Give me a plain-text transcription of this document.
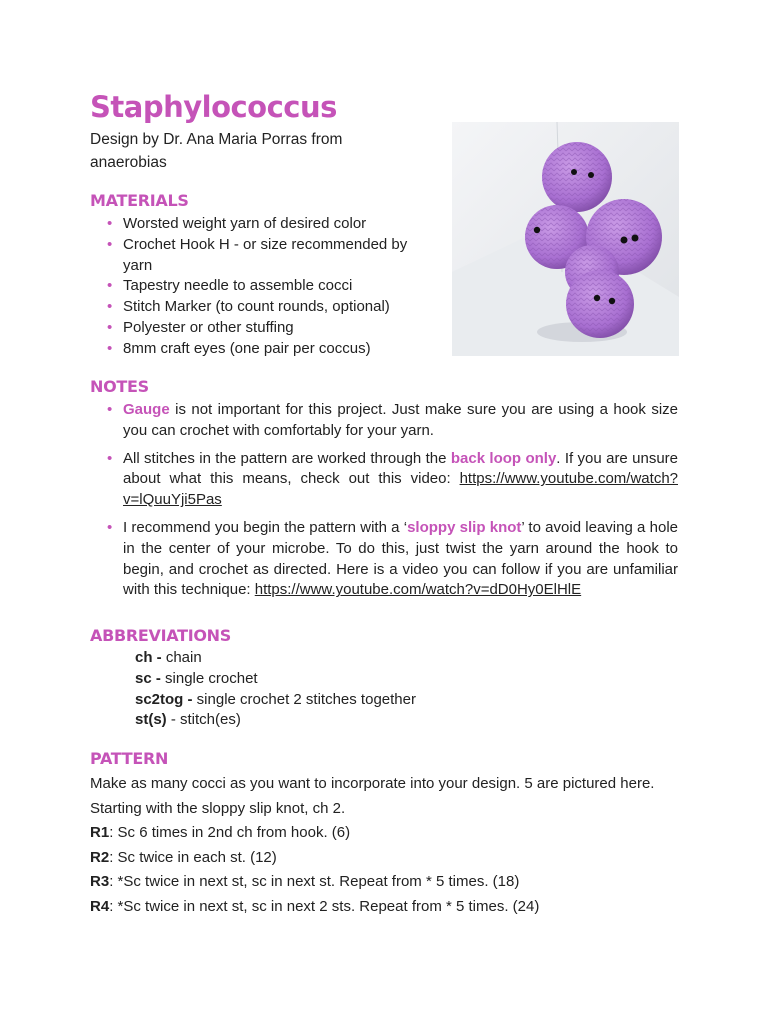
Staphylococcus

Design by Dr. Ana Maria Porras from anaerobias

MATERIALS
• Worsted weight yarn of desired color
• Crochet Hook H - or size recommended by yarn
• Tapestry needle to assemble cocci
• Stitch Marker (to count rounds, optional)
• Polyester or other stuffing
• 8mm craft eyes (one pair per coccus)
NOTES
• Gauge is not important for this project. Just make sure you are using a hook size you can crochet with comfortably for your yarn.
• All stitches in the pattern are worked through the back loop only. If you are unsure about what this means, check out this video: https://www.youtube.com/watch?v=lQuuYji5Pas
• I recommend you begin the pattern with a ‘sloppy slip knot’ to avoid leaving a hole in the center of your microbe. To do this, just twist the yarn around the hook to begin, and crochet as directed. Here is a video you can follow if you are unfamiliar with this technique: https://www.youtube.com/watch?v=dD0Hy0ElHlE
ABBREVIATIONS
ch - chain
sc - single crochet
sc2tog - single crochet 2 stitches together
st(s) - stitch(es)
PATTERN
Make as many cocci as you want to incorporate into your design. 5 are pictured here.
Starting with the sloppy slip knot, ch 2.
R1: Sc 6 times in 2nd ch from hook. (6)
R2: Sc twice in each st. (12)
R3: *Sc twice in next st, sc in next st. Repeat from * 5 times. (18)
R4: *Sc twice in next st, sc in next 2 sts. Repeat from * 5 times. (24)
